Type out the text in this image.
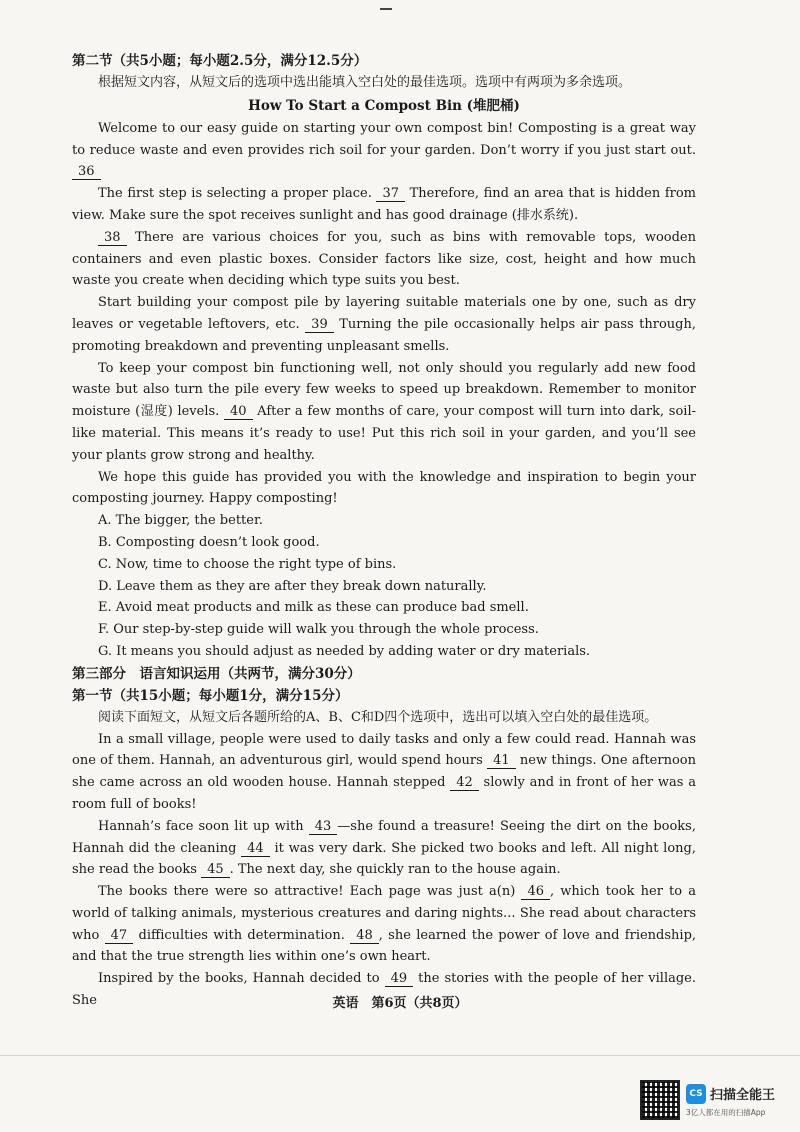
第二节（共5小题；每小题2.5分，满分12.5分）

根据短文内容，从短文后的选项中选出能填入空白处的最佳选项。选项中有两项为多余选项。

How To Start a Compost Bin (堆肥桶)

Welcome to our easy guide on starting your own compost bin! Composting is a great way to reduce waste and even provides rich soil for your garden. Don’t worry if you just start out. 36

The first step is selecting a proper place. 37 Therefore, find an area that is hidden from view. Make sure the spot receives sunlight and has good drainage (排水系统).

38 There are various choices for you, such as bins with removable tops, wooden containers and even plastic boxes. Consider factors like size, cost, height and how much waste you create when deciding which type suits you best.

Start building your compost pile by layering suitable materials one by one, such as dry leaves or vegetable leftovers, etc. 39 Turning the pile occasionally helps air pass through, promoting breakdown and preventing unpleasant smells.

To keep your compost bin functioning well, not only should you regularly add new food waste but also turn the pile every few weeks to speed up breakdown. Remember to monitor moisture (湿度) levels. 40 After a few months of care, your compost will turn into dark, soil-like material. This means it’s ready to use! Put this rich soil in your garden, and you’ll see your plants grow strong and healthy.

We hope this guide has provided you with the knowledge and inspiration to begin your composting journey. Happy composting!

A. The bigger, the better.

B. Composting doesn’t look good.

C. Now, time to choose the right type of bins.

D. Leave them as they are after they break down naturally.

E. Avoid meat products and milk as these can produce bad smell.

F. Our step-by-step guide will walk you through the whole process.

G. It means you should adjust as needed by adding water or dry materials.

第三部分　语言知识运用（共两节，满分30分）

第一节（共15小题；每小题1分，满分15分）

阅读下面短文，从短文后各题所给的A、B、C和D四个选项中，选出可以填入空白处的最佳选项。

In a small village, people were used to daily tasks and only a few could read. Hannah was one of them. Hannah, an adventurous girl, would spend hours 41 new things. One afternoon she came across an old wooden house. Hannah stepped 42 slowly and in front of her was a room full of books!

Hannah’s face soon lit up with 43 —she found a treasure! Seeing the dirt on the books, Hannah did the cleaning 44 it was very dark. She picked two books and left. All night long, she read the books 45 . The next day, she quickly ran to the house again.

The books there were so attractive! Each page was just a(n) 46 , which took her to a world of talking animals, mysterious creatures and daring nights... She read about characters who 47 difficulties with determination. 48 , she learned the power of love and friendship, and that the true strength lies within one’s own heart.

Inspired by the books, Hannah decided to 49 the stories with the people of her village. She	英语　第6页（共8页）
CS 扫描全能王
3亿人都在用的扫描App
